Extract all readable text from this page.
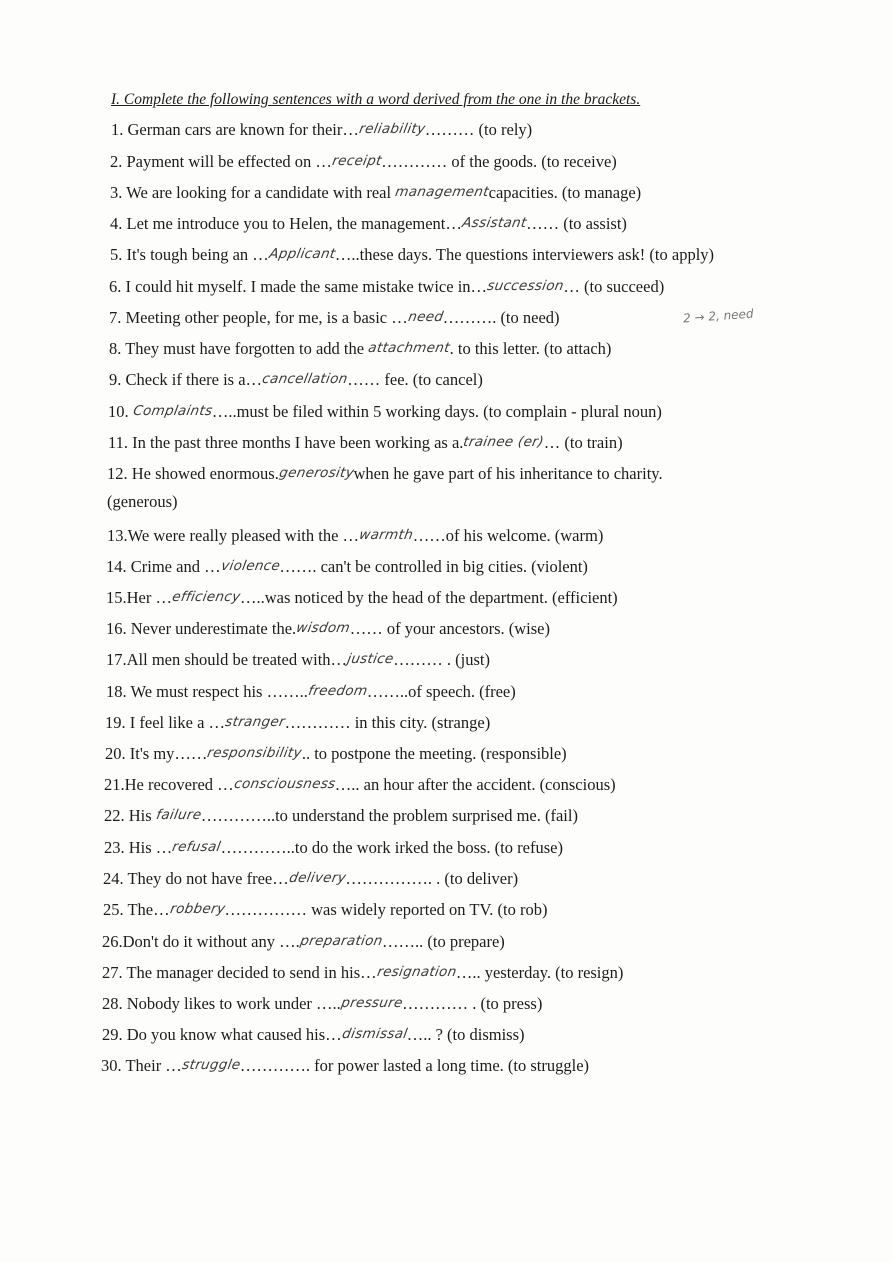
I. Complete the following sentences with a word derived from the one in the brackets.
2 → 2, need
1. German cars are known for their…reliability……… (to rely)
2. Payment will be effected on …receipt………… of the goods. (to receive)
3. We are looking for a candidate with real managementcapacities. (to manage)
4. Let me introduce you to Helen, the management…Assistant…… (to assist)
5. It's tough being an …Applicant…..these days. The questions interviewers ask! (to apply)
6. I could hit myself. I made the same mistake twice in…succession… (to succeed)
7. Meeting other people, for me, is a basic …need………. (to need)
8. They must have forgotten to add the attachment. to this letter. (to attach)
9. Check if there is a…cancellation…… fee. (to cancel)
10. Complaints…..must be filed within 5 working days. (to complain - plural noun)
11. In the past three months I have been working as a.trainee (er)… (to train)
12. He showed enormous.generositywhen he gave part of his inheritance to charity.
(generous)
13.We were really pleased with the …warmth……of his welcome. (warm)
14. Crime and …violence……. can't be controlled in big cities. (violent)
15.Her …efficiency…..was noticed by the head of the department. (efficient)
16. Never underestimate the.wisdom…… of your ancestors. (wise)
17.All men should be treated with…justice……… . (just)
18. We must respect his ……..freedom……..of speech. (free)
19. I feel like a …stranger………… in this city. (strange)
20. It's my……responsibility.. to postpone the meeting. (responsible)
21.He recovered …consciousness….. an hour after the accident. (conscious)
22. His failure…………..to understand the problem surprised me. (fail)
23. His …refusal…………..to do the work irked the boss. (to refuse)
24. They do not have free…delivery……………. . (to deliver)
25. The…robbery…………… was widely reported on TV. (to rob)
26.Don't do it without any ….preparation…….. (to prepare)
27. The manager decided to send in his…resignation….. yesterday. (to resign)
28. Nobody likes to work under …..pressure………… . (to press)
29. Do you know what caused his…dismissal….. ? (to dismiss)
30. Their …struggle…………. for power lasted a long time. (to struggle)
